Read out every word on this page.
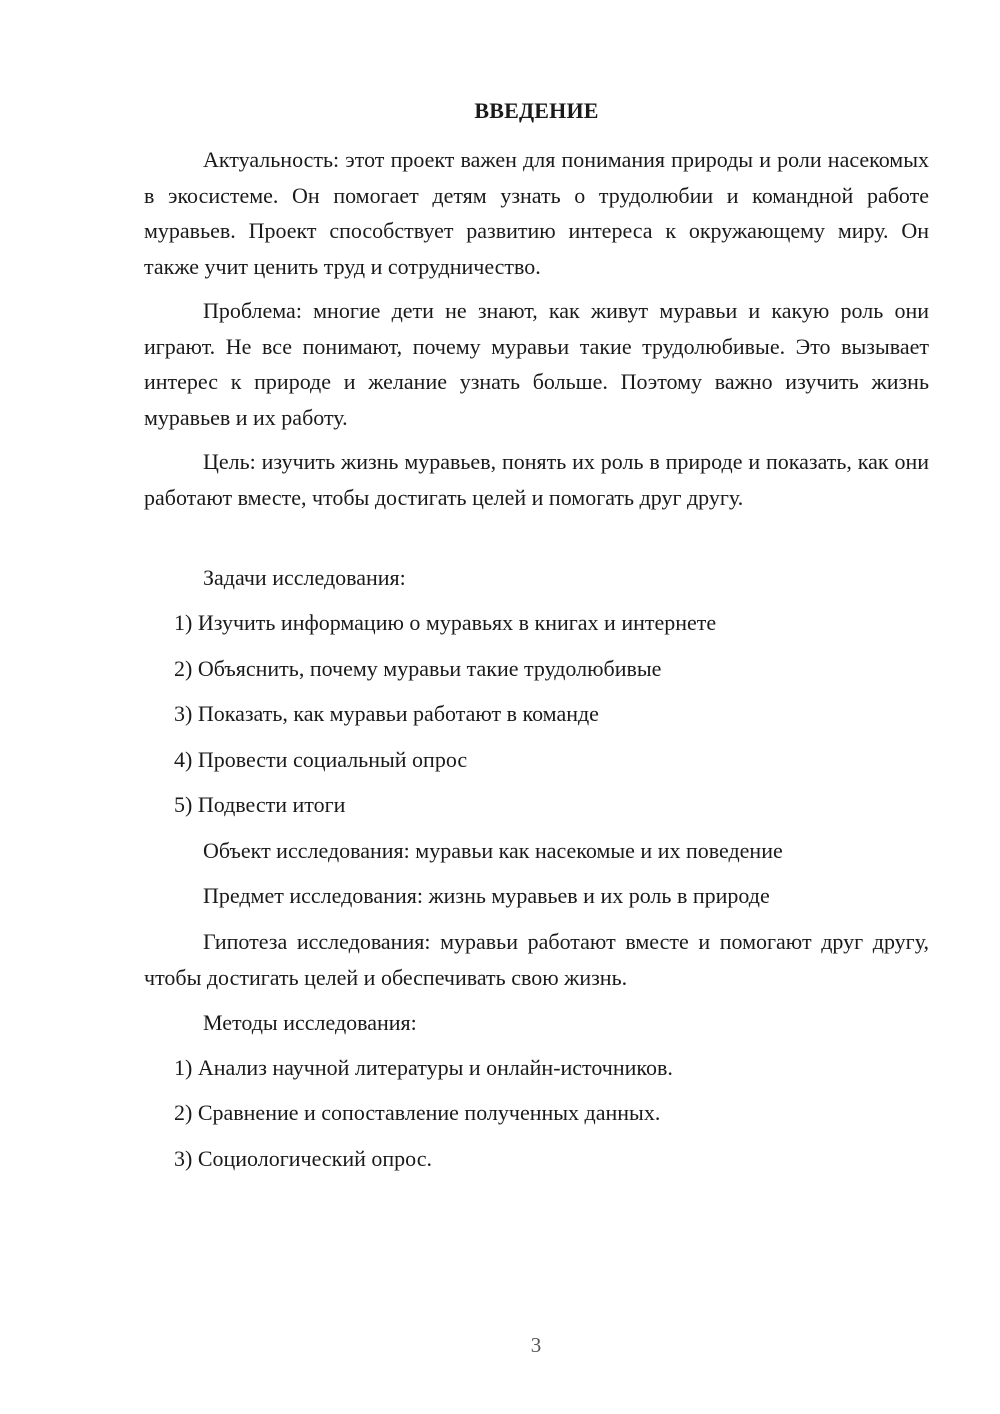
ВВЕДЕНИЕ

Актуальность: этот проект важен для понимания природы и роли насекомых в экосистеме. Он помогает детям узнать о трудолюбии и командной работе муравьев. Проект способствует развитию интереса к окружающему миру. Он также учит ценить труд и сотрудничество.

Проблема: многие дети не знают, как живут муравьи и какую роль они играют. Не все понимают, почему муравьи такие трудолюбивые. Это вызывает интерес к природе и желание узнать больше. Поэтому важно изучить жизнь муравьев и их работу.

Цель: изучить жизнь муравьев, понять их роль в природе и показать, как они работают вместе, чтобы достигать целей и помогать друг другу.

Задачи исследования:

1) Изучить информацию о муравьях в книгах и интернете

2) Объяснить, почему муравьи такие трудолюбивые

3) Показать, как муравьи работают в команде

4) Провести социальный опрос

5) Подвести итоги

Объект исследования: муравьи как насекомые и их поведение

Предмет исследования: жизнь муравьев и их роль в природе

Гипотеза исследования: муравьи работают вместе и помогают друг другу, чтобы достигать целей и обеспечивать свою жизнь.

Методы исследования:

1) Анализ научной литературы и онлайн-источников.

2) Сравнение и сопоставление полученных данных.

3) Социологический опрос.

3
